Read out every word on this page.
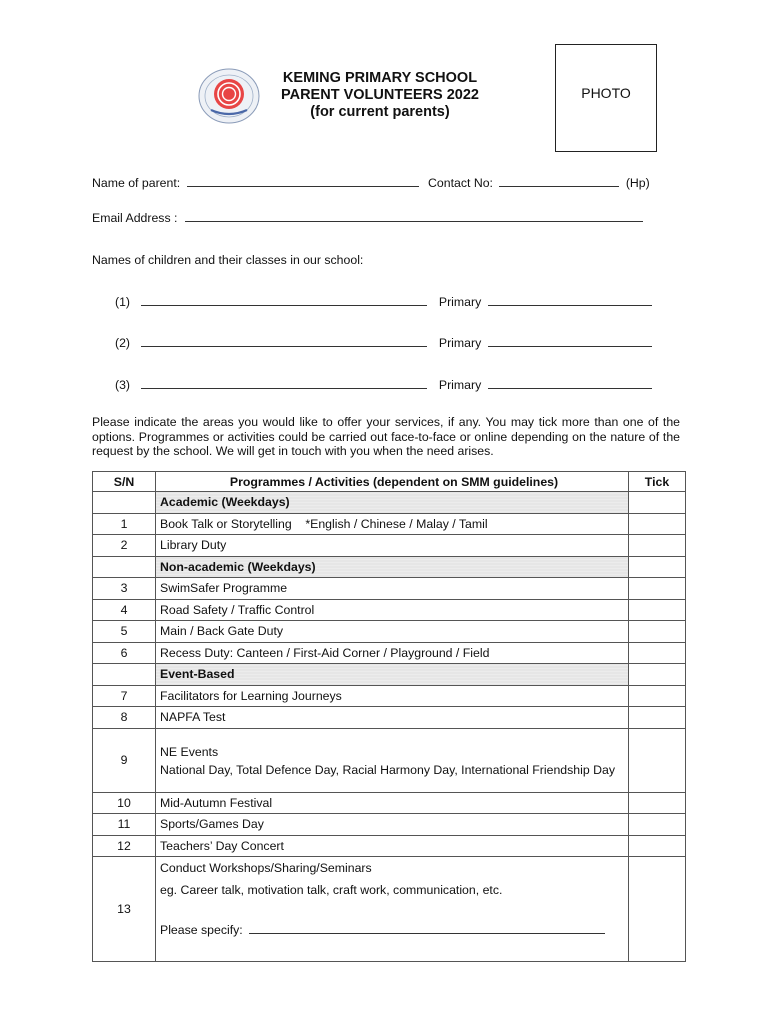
KEMING PRIMARY SCHOOL
PARENT VOLUNTEERS 2022
(for current parents)
PHOTO
Name of parent:	Contact No:	(Hp)
Email Address :
Names of children and their classes in our school:
(1)	Primary
(2)	Primary
(3)	Primary
Please indicate the areas you would like to offer your services, if any. You may tick more than one of the options. Programmes or activities could be carried out face-to-face or online depending on the nature of the request by the school. We will get in touch with you when the need arises.
S/N	Programmes / Activities (dependent on SMM guidelines)	Tick
	Academic (Weekdays)	
1	Book Talk or Storytelling    *English / Chinese / Malay / Tamil	
2	Library Duty	
	Non-academic (Weekdays)	
3	SwimSafer Programme	
4	Road Safety / Traffic Control	
5	Main / Back Gate Duty	
6	Recess Duty: Canteen / First-Aid Corner / Playground / Field	
	Event-Based	
7	Facilitators for Learning Journeys	
8	NAPFA Test	
9	NE Events
National Day, Total Defence Day, Racial Harmony Day, International Friendship Day	

10	Mid-Autumn Festival	
11	Sports/Games Day	
12	Teachers’ Day Concert	
13	Conduct Workshops/Sharing/Seminars
eg. Career talk, motivation talk, craft work, communication, etc.
Please specify:	
